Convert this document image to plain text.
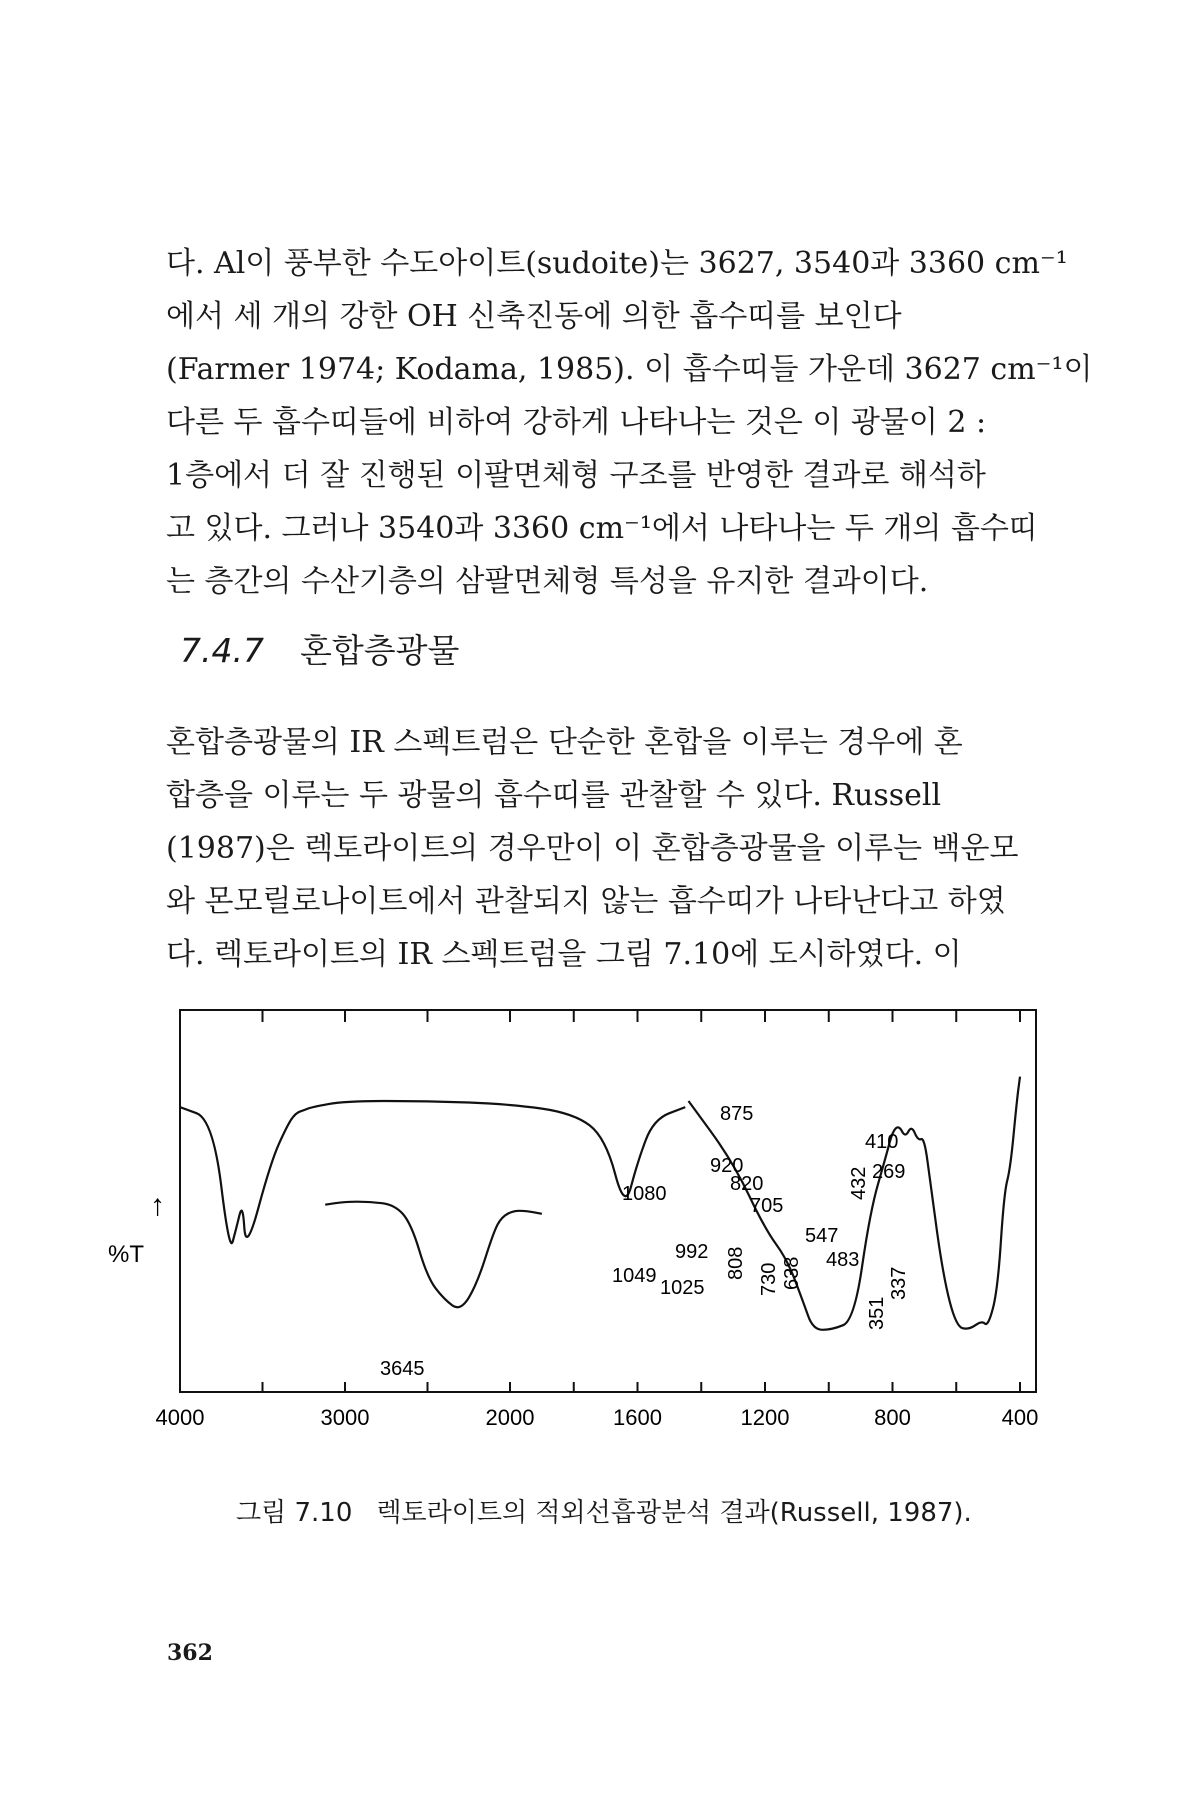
다. Al이 풍부한 수도아이트(sudoite)는 3627, 3540과 3360 cm⁻¹
에서 세 개의 강한 OH 신축진동에 의한 흡수띠를 보인다
(Farmer 1974; Kodama, 1985). 이 흡수띠들 가운데 3627 cm⁻¹이
다른 두 흡수띠들에 비하여 강하게 나타나는 것은 이 광물이 2 :
1층에서 더 잘 진행된 이팔면체형 구조를 반영한 결과로 해석하
고 있다. 그러나 3540과 3360 cm⁻¹에서 나타나는 두 개의 흡수띠
는 층간의 수산기층의 삼팔면체형 특성을 유지한 결과이다.
7.4.7 혼합층광물
혼합층광물의 IR 스펙트럼은 단순한 혼합을 이루는 경우에 혼
합층을 이루는 두 광물의 흡수띠를 관찰할 수 있다. Russell
(1987)은 렉토라이트의 경우만이 이 혼합층광물을 이루는 백운모
와 몬모릴로나이트에서 관찰되지 않는 흡수띠가 나타난다고 하였
다. 렉토라이트의 IR 스펙트럼을 그림 7.10에 도시하였다. 이
4000	3000	2000	1600	1200	800	400
3645
1080
1049
1025
992
920
875
820
808 730
705
638
547
483
432
410
351
337
269
↑
%T

그림 7.10 렉토라이트의 적외선흡광분석 결과(Russell, 1987).

362
